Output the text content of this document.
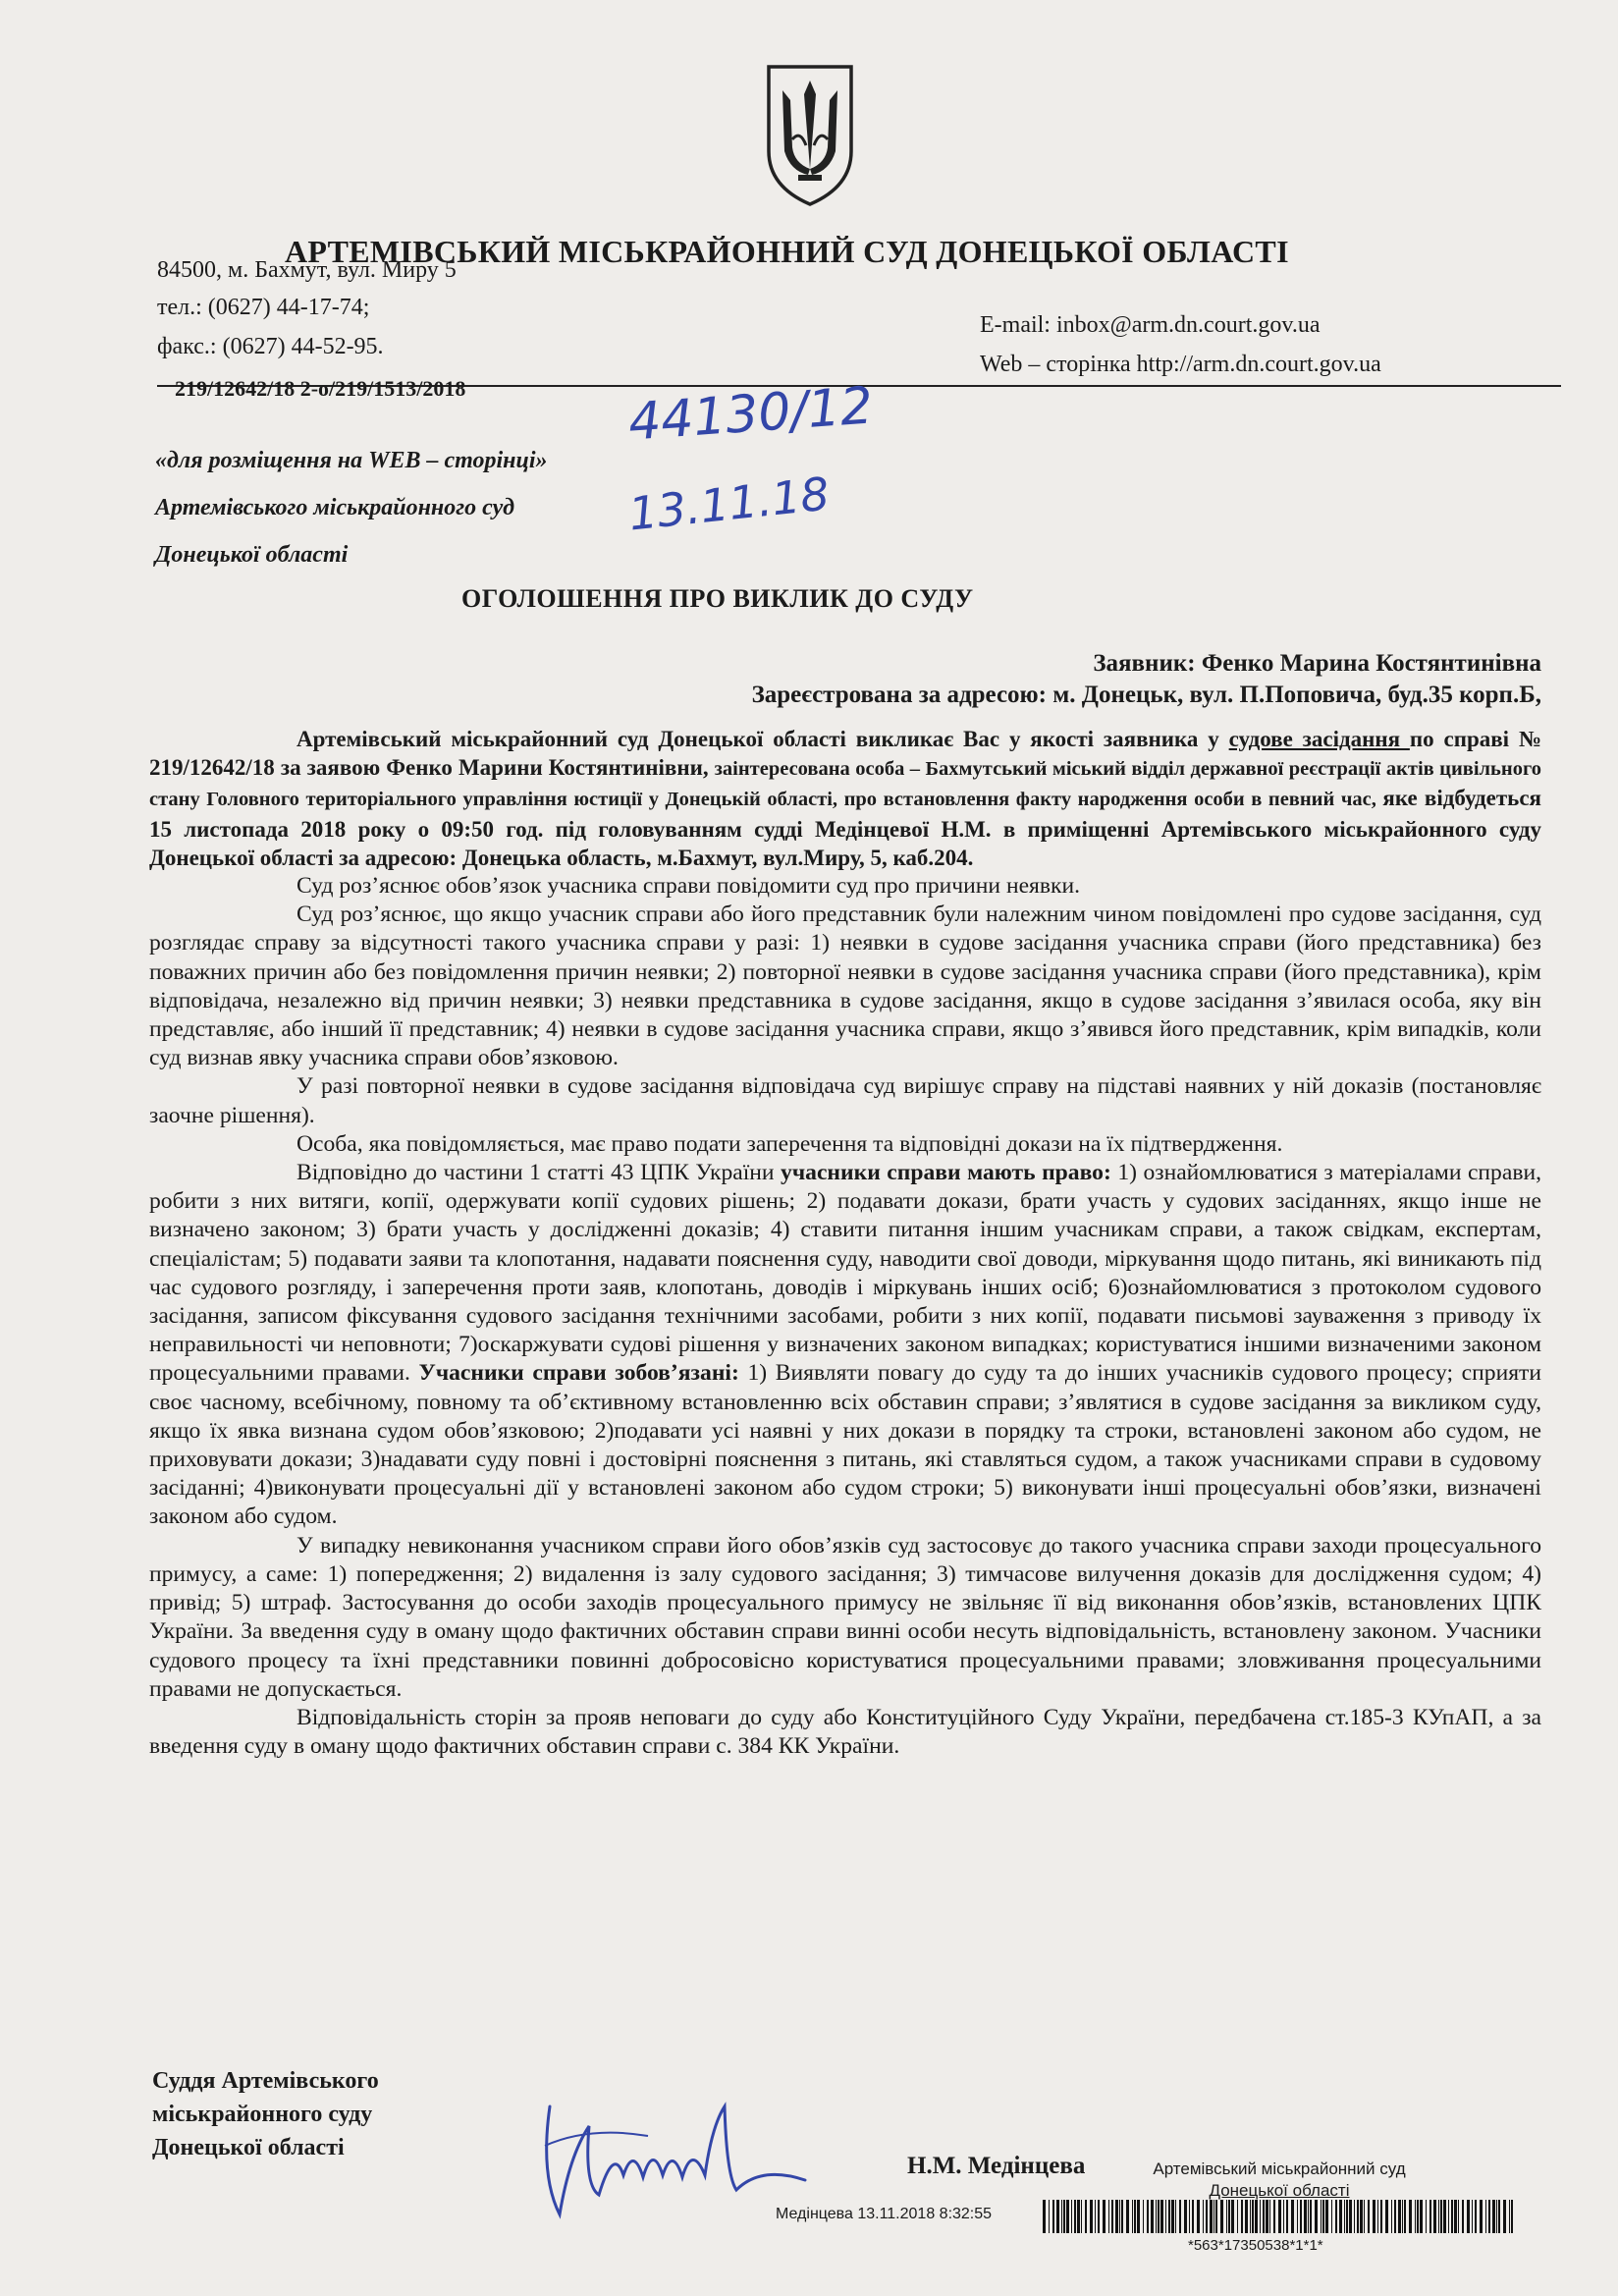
АРТЕМІВСЬКИЙ МІСЬКРАЙОННИЙ СУД ДОНЕЦЬКОЇ ОБЛАСТІ
84500, м. Бахмут, вул. Миру 5
тел.: (0627) 44-17-74;
факс.: (0627) 44-52-95.
E-mail: inbox@arm.dn.court.gov.ua
Web – сторінка http://arm.dn.court.gov.ua
219/12642/18 2-о/219/1513/2018	44130/12
13.11.18
«для розміщення на WEB – сторінці»
Артемівського міськрайонного суд
Донецької області
ОГОЛОШЕННЯ ПРО ВИКЛИК ДО СУДУ
Заявник: Фенко Марина Костянтинівна
Зареєстрована за адресою: м. Донецьк, вул. П.Поповича, буд.35 корп.Б,

Артемівський міськрайонний суд Донецької області викликає Вас у якості заявника у судове засідання по справі № 219/12642/18 за заявою Фенко Марини Костянтинівни, заінтересована особа – Бахмутський міський відділ державної реєстрації актів цивільного стану Головного територіального управління юстиції у Донецькій області, про встановлення факту народження особи в певний час, яке відбудеться 15 листопада 2018 року о 09:50 год. під головуванням судді Медінцевої Н.М. в приміщенні Артемівського міськрайонного суду Донецької області за адресою: Донецька область, м.Бахмут, вул.Миру, 5, каб.204.

Суд роз’яснює обов’язок учасника справи повідомити суд про причини неявки.

Суд роз’яснює, що якщо учасник справи або його представник були належним чином повідомлені про судове засідання, суд розглядає справу за відсутності такого учасника справи у разі: 1) неявки в судове засідання учасника справи (його представника) без поважних причин або без повідомлення причин неявки; 2) повторної неявки в судове засідання учасника справи (його представника), крім відповідача, незалежно від причин неявки; 3) неявки представника в судове засідання, якщо в судове засідання з’явилася особа, яку він представляє, або інший її представник; 4) неявки в судове засідання учасника справи, якщо з’явився його представник, крім випадків, коли суд визнав явку учасника справи обов’язковою.

У разі повторної неявки в судове засідання відповідача суд вирішує справу на підставі наявних у ній доказів (постановляє заочне рішення).

Особа, яка повідомляється, має право подати заперечення та відповідні докази на їх підтвердження.

Відповідно до частини 1 статті 43 ЦПК України учасники справи мають право: 1) ознайомлюватися з матеріалами справи, робити з них витяги, копії, одержувати копії судових рішень; 2) подавати докази, брати участь у судових засіданнях, якщо інше не визначено законом; 3) брати участь у дослідженні доказів; 4) ставити питання іншим учасникам справи, а також свідкам, експертам, спеціалістам; 5) подавати заяви та клопотання, надавати пояснення суду, наводити свої доводи, міркування щодо питань, які виникають під час судового розгляду, і заперечення проти заяв, клопотань, доводів і міркувань інших осіб; 6)ознайомлюватися з протоколом судового засідання, записом фіксування судового засідання технічними засобами, робити з них копії, подавати письмові зауваження з приводу їх неправильності чи неповноти; 7)оскаржувати судові рішення у визначених законом випадках; користуватися іншими визначеними законом процесуальними правами. Учасники справи зобов’язані: 1) Виявляти повагу до суду та до інших учасників судового процесу; сприяти своє часному, всебічному, повному та об’єктивному встановленню всіх обставин справи; з’являтися в судове засідання за викликом суду, якщо їх явка визнана судом обов’язковою; 2)подавати усі наявні у них докази в порядку та строки, встановлені законом або судом, не приховувати докази; 3)надавати суду повні і достовірні пояснення з питань, які ставляться судом, а також учасниками справи в судовому засіданні; 4)виконувати процесуальні дії у встановлені законом або судом строки; 5) виконувати інші процесуальні обов’язки, визначені законом або судом.

У випадку невиконання учасником справи його обов’язків суд застосовує до такого учасника справи заходи процесуального примусу, а саме: 1) попередження; 2) видалення із залу судового засідання; 3) тимчасове вилучення доказів для дослідження судом; 4) привід; 5) штраф. Застосування до особи заходів процесуального примусу не звільняє її від виконання обов’язків, встановлених ЦПК України. За введення суду в оману щодо фактичних обставин справи винні особи несуть відповідальність, встановлену законом. Учасники судового процесу та їхні представники повинні добросовісно користуватися процесуальними правами; зловживання процесуальними правами не допускається.

Відповідальність сторін за прояв неповаги до суду або Конституційного Суду України, передбачена ст.185-3 КУпАП, а за введення суду в оману щодо фактичних обставин справи с. 384 КК України.

Суддя Артемівського
міськрайонного суду
Донецької області
Н.М. Медінцева	Артемівський міськрайонний суд
Донецької області
Медінцева 13.11.2018 8:32:55
*563*17350538*1*1*
